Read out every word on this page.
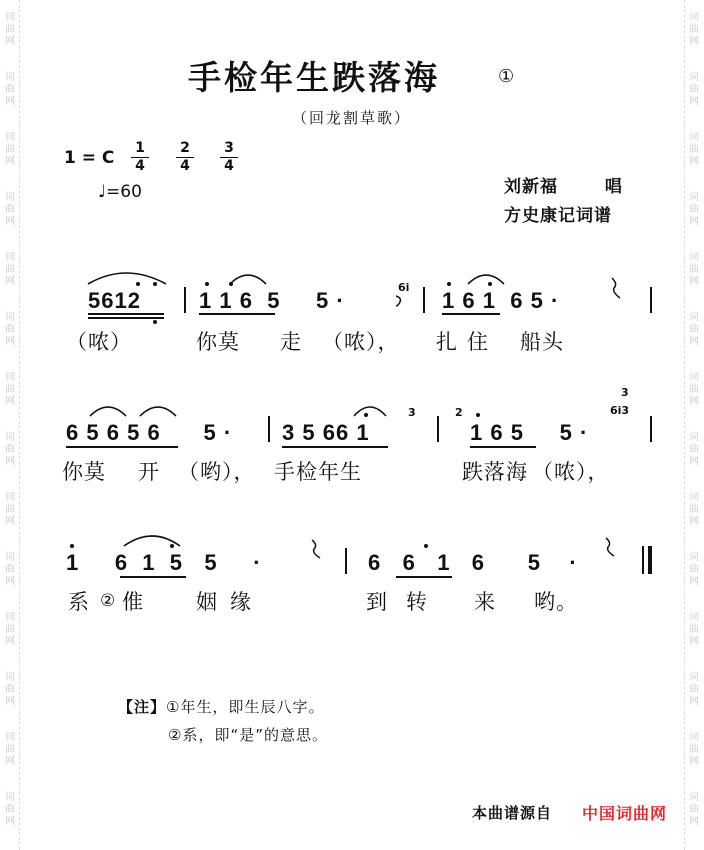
词
曲
网
词
曲
网
词
曲
网
词
曲
网
词
曲
网
词
曲
网
词
曲
网
词
曲
网
词
曲
网
词
曲
网
词
曲
网
词
曲
网
词
曲
网
词
曲
网
词
曲
网
词
曲
网
词
曲
网
词
曲
网
词
曲
网
词
曲
网
词
曲
网
词
曲
网
词
曲
网
词
曲
网
词
曲
网
词
曲
网
词
曲
网
词
曲
网
手检年生跌落海	①
（回龙割草歌）
1 = C $\frac{1}{4} \frac{2}{4} \frac{3}{4}$
♩=60	刘新福	唱
方史康记词谱
5612	1 1 6 5 5 ·
6i
1 6 1 6 5 ·
（哝）	你莫 走 （哝）， 扎住 船头
6 5 6 5 6 5 · 3 5 66 1
3	2
1 6 5 5 ·
3
6i3
你莫 开 （哟）， 手检年生	跌落海 （哝），
1 6 1 5 5 ·	6 6 1 6 5 ·
系 ② 倠 姻 缘	到 转 来 哟。
【注】①年生，即生辰八字。
②系，即“是”的意思。
本曲谱源自 中国词曲网
